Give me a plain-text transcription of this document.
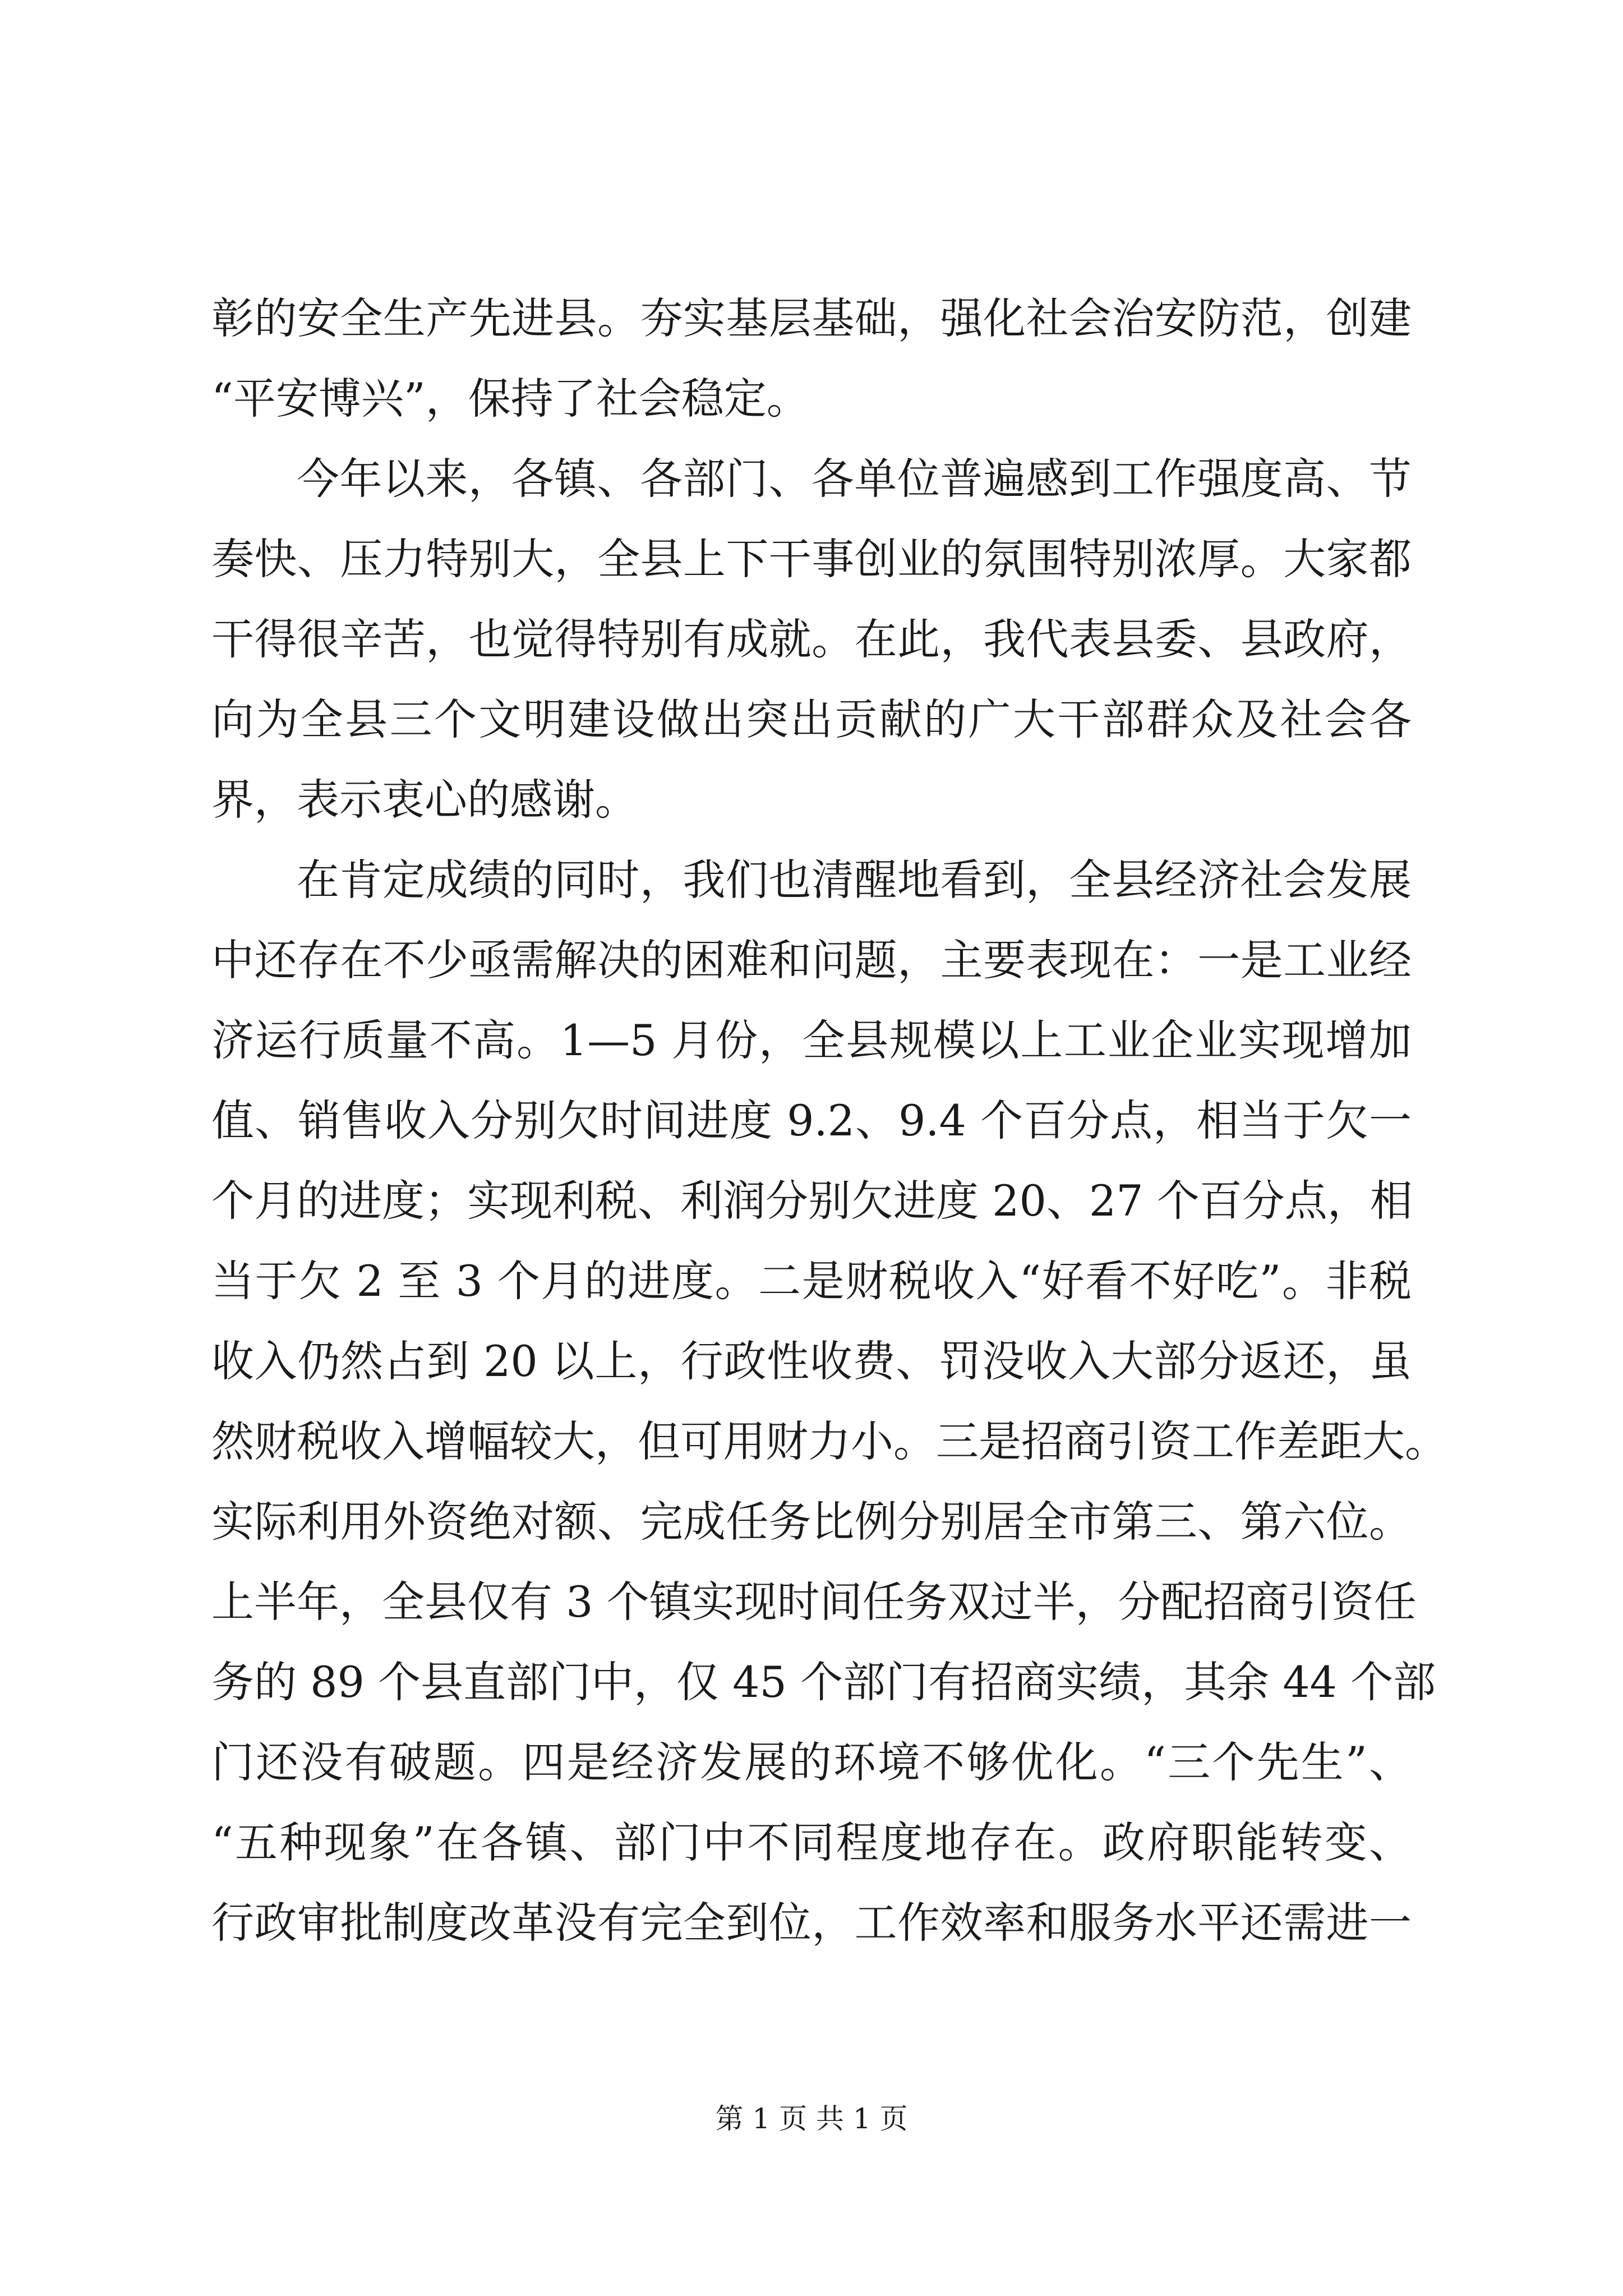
彰的安全生产先进县。夯实基层基础，强化社会治安防范，创建
“平安博兴”，保持了社会稳定。
今年以来，各镇、各部门、各单位普遍感到工作强度高、节
奏快、压力特别大，全县上下干事创业的氛围特别浓厚。大家都
干得很辛苦，也觉得特别有成就。在此，我代表县委、县政府，
向为全县三个文明建设做出突出贡献的广大干部群众及社会各
界，表示衷心的感谢。
在肯定成绩的同时，我们也清醒地看到，全县经济社会发展
中还存在不少亟需解决的困难和问题，主要表现在：一是工业经
济运行质量不高。1—5 月份，全县规模以上工业企业实现增加
值、销售收入分别欠时间进度 9.2、9.4 个百分点，相当于欠一
个月的进度；实现利税、利润分别欠进度 20、27 个百分点，相
当于欠 2 至 3 个月的进度。二是财税收入“好看不好吃”。非税
收入仍然占到 20 以上，行政性收费、罚没收入大部分返还，虽
然财税收入增幅较大，但可用财力小。三是招商引资工作差距大。
实际利用外资绝对额、完成任务比例分别居全市第三、第六位。
上半年，全县仅有 3 个镇实现时间任务双过半，分配招商引资任
务的 89 个县直部门中，仅 45 个部门有招商实绩，其余 44 个部
门还没有破题。四是经济发展的环境不够优化。“三个先生”、
“五种现象”在各镇、部门中不同程度地存在。政府职能转变、
行政审批制度改革没有完全到位，工作效率和服务水平还需进一
第 1 页 共 1 页
